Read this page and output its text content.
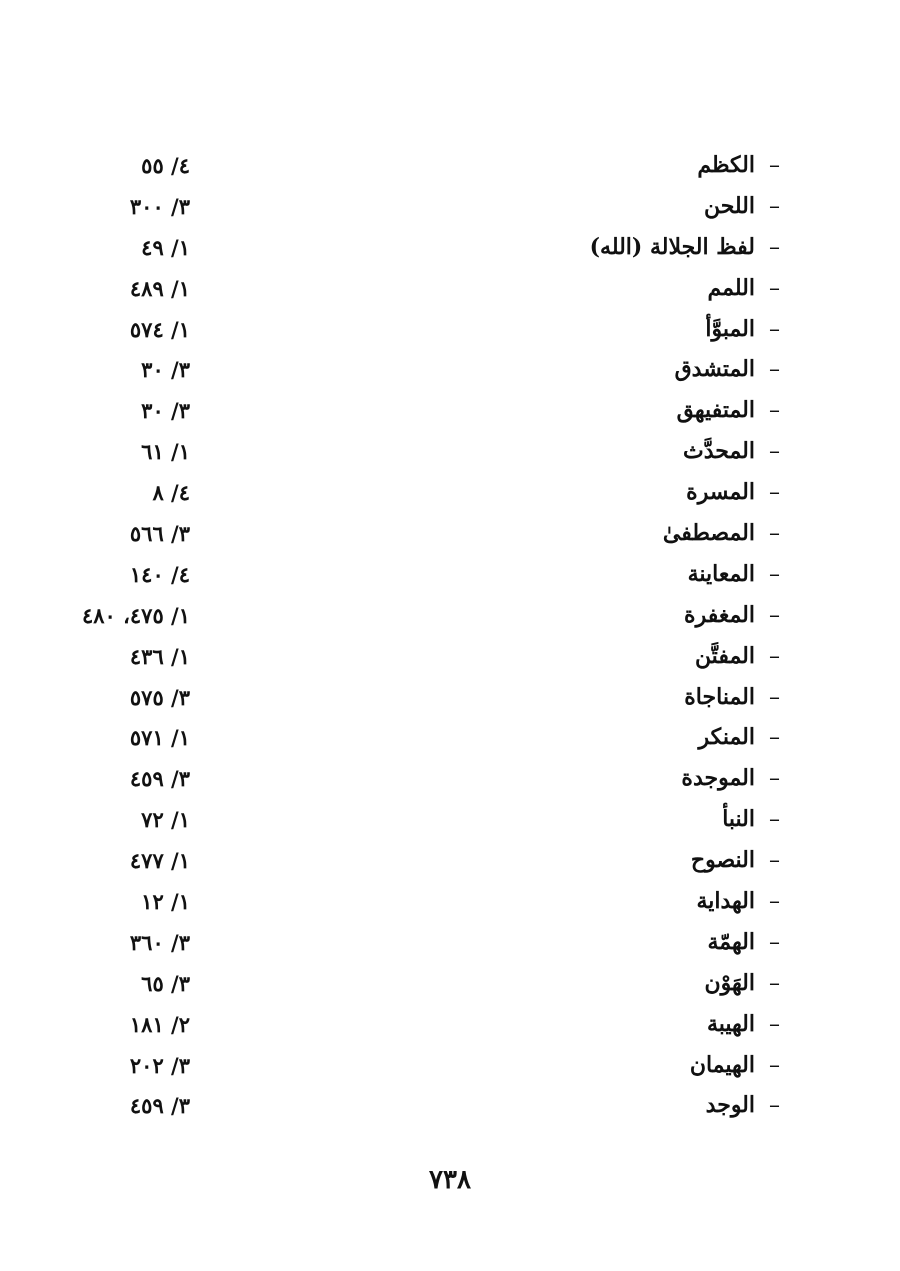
–الكظم
٤/ ٥٥
–اللحن
٣/ ٣٠٠
–لفظ الجلالة (الله)
١/ ٤٩
–اللمم
١/ ٤٨٩
–المبوَّأ
١/ ٥٧٤
–المتشدق
٣/ ٣٠
–المتفيهق
٣/ ٣٠
–المحدَّث
١/ ٦١
–المسرة
٤/ ٨
–المصطفىٰ
٣/ ٥٦٦
–المعاينة
٤/ ١٤٠
–المغفرة
١/ ٤٧٥، ٤٨٠
–المفتَّن
١/ ٤٣٦
–المناجاة
٣/ ٥٧٥
–المنكر
١/ ٥٧١
–الموجدة
٣/ ٤٥٩
–النبأ
١/ ٧٢
–النصوح
١/ ٤٧٧
–الهداية
١/ ١٢
–الهمّة
٣/ ٣٦٠
–الهَوْن
٣/ ٦٥
–الهيبة
٢/ ١٨١
–الهيمان
٣/ ٢٠٢
–الوجد
٣/ ٤٥٩
٧٣٨
